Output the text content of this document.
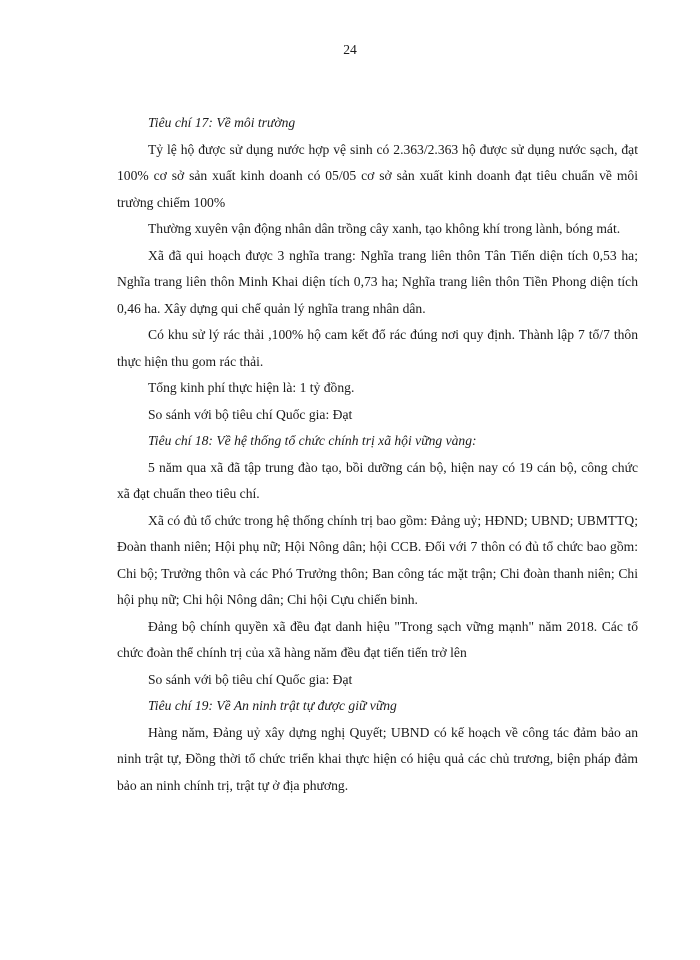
24

Tiêu chí 17: Về môi trường

Tỷ lệ hộ được sử dụng nước hợp vệ sinh có 2.363/2.363 hộ được sử dụng nước sạch, đạt 100% cơ sở sản xuất kinh doanh có 05/05 cơ sở sản xuất kinh doanh đạt tiêu chuẩn về môi trường chiếm 100%

Thường xuyên vận động nhân dân trồng cây xanh, tạo không khí trong lành, bóng mát.

Xã đã qui hoạch được 3 nghĩa trang: Nghĩa trang liên thôn Tân Tiến diện tích 0,53 ha; Nghĩa trang liên thôn Minh Khai diện tích 0,73 ha; Nghĩa trang liên thôn Tiền Phong diện tích 0,46 ha. Xây dựng qui chế quản lý nghĩa trang nhân dân.

Có khu sử lý rác thải ,100% hộ cam kết đổ rác đúng nơi quy định. Thành lập 7 tổ/7 thôn thực hiện thu gom rác thải.

Tổng kinh phí thực hiện là: 1 tỷ đồng.

So sánh với bộ tiêu chí Quốc gia: Đạt

Tiêu chí 18: Về hệ thống tổ chức chính trị xã hội vững vàng:

5 năm qua xã đã tập trung đào tạo, bồi dưỡng cán bộ, hiện nay có 19 cán bộ, công chức xã đạt chuẩn theo tiêu chí.

Xã có đủ tổ chức trong hệ thống chính trị bao gồm: Đảng uỷ; HĐND; UBND; UBMTTQ; Đoàn thanh niên; Hội phụ nữ; Hội Nông dân; hội CCB. Đối với 7 thôn có đủ tổ chức bao gồm: Chi bộ; Trưởng thôn và các Phó Trưởng thôn; Ban công tác mặt trận; Chi đoàn thanh niên; Chi hội phụ nữ; Chi hội Nông dân; Chi hội Cựu chiến binh.

Đảng bộ chính quyền xã đều đạt danh hiệu "Trong sạch vững mạnh" năm 2018. Các tổ chức đoàn thể chính trị của xã hàng năm đều đạt tiến tiến trở lên

So sánh với bộ tiêu chí Quốc gia: Đạt

Tiêu chí 19: Về An ninh trật tự được giữ vững

Hàng năm, Đảng uỷ xây dựng nghị Quyết; UBND có kế hoạch về công tác đảm bảo an ninh trật tự, Đồng thời tổ chức triển khai thực hiện có hiệu quả các chủ trương, biện pháp đảm bảo an ninh chính trị, trật tự ở địa phương.
